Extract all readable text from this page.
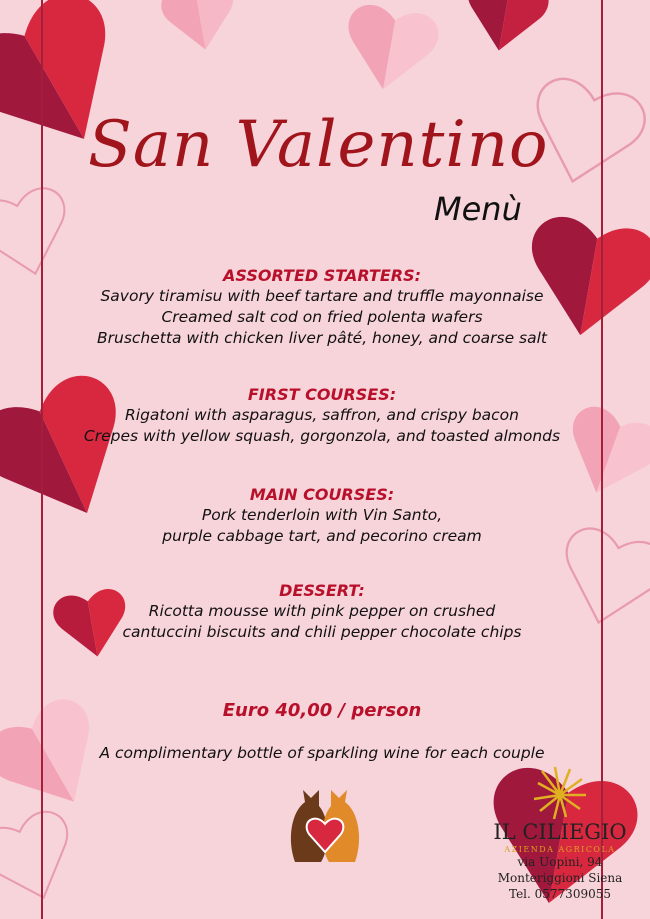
San Valentino
Menù
ASSORTED STARTERS:
Savory tiramisu with beef tartare and truffle mayonnaise
Creamed salt cod on fried polenta wafers
Bruschetta with chicken liver pâté, honey, and coarse salt
FIRST COURSES:
Rigatoni with asparagus, saffron, and crispy bacon
Crepes with yellow squash, gorgonzola, and toasted almonds
MAIN COURSES:
Pork tenderloin with Vin Santo,
purple cabbage tart, and pecorino cream
DESSERT:
Ricotta mousse with pink pepper on crushed
cantuccini biscuits and chili pepper chocolate chips
Euro 40,00 / person
A complimentary bottle of sparkling wine for each couple
IL CILIEGIO
AZIENDA AGRICOLA
via Uopini, 94
Monteriggioni Siena
Tel. 0577309055
